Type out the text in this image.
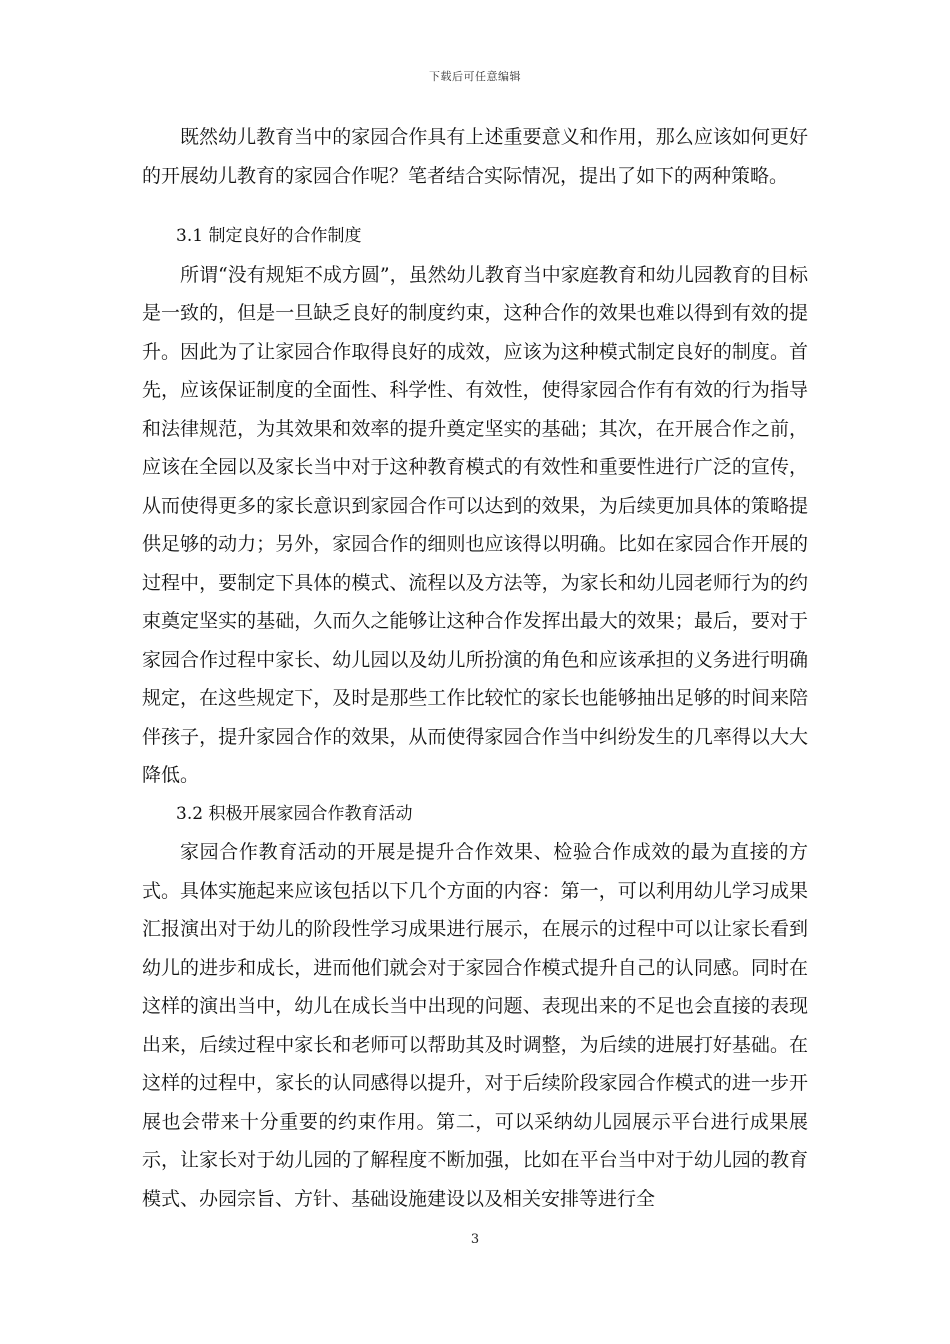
下载后可任意编辑

既然幼儿教育当中的家园合作具有上述重要意义和作用，那么应该如何更好的开展幼儿教育的家园合作呢？笔者结合实际情况，提出了如下的两种策略。

3.1 制定良好的合作制度

所谓“没有规矩不成方圆”，虽然幼儿教育当中家庭教育和幼儿园教育的目标是一致的，但是一旦缺乏良好的制度约束，这种合作的效果也难以得到有效的提升。因此为了让家园合作取得良好的成效，应该为这种模式制定良好的制度。首先，应该保证制度的全面性、科学性、有效性，使得家园合作有有效的行为指导和法律规范，为其效果和效率的提升奠定坚实的基础；其次，在开展合作之前，应该在全园以及家长当中对于这种教育模式的有效性和重要性进行广泛的宣传，从而使得更多的家长意识到家园合作可以达到的效果，为后续更加具体的策略提供足够的动力；另外，家园合作的细则也应该得以明确。比如在家园合作开展的过程中，要制定下具体的模式、流程以及方法等，为家长和幼儿园老师行为的约束奠定坚实的基础，久而久之能够让这种合作发挥出最大的效果；最后，要对于家园合作过程中家长、幼儿园以及幼儿所扮演的角色和应该承担的义务进行明确 规定，在这些规定下，及时是那些工作比较忙的家长也能够抽出足够的时间来陪伴孩子，提升家园合作的效果，从而使得家园合作当中纠纷发生的几率得以大大降低。

3.2 积极开展家园合作教育活动

家园合作教育活动的开展是提升合作效果、检验合作成效的最为直接的方式。具体实施起来应该包括以下几个方面的内容：第一，可以利用幼儿学习成果汇报演出对于幼儿的阶段性学习成果进行展示，在展示的过程中可以让家长看到幼儿的进步和成长，进而他们就会对于家园合作模式提升自己的认同感。同时在这样的演出当中，幼儿在成长当中出现的问题、表现出来的不足也会直接的表现出来，后续过程中家长和老师可以帮助其及时调整，为后续的进展打好基础。在这样的过程中，家长的认同感得以提升，对于后续阶段家园合作模式的进一步开展也会带来十分重要的约束作用。第二，可以采纳幼儿园展示平台进行成果展示，让家长对于幼儿园的了解程度不断加强，比如在平台当中对于幼儿园的教育模式、办园宗旨、方针、基础设施建设以及相关安排等进行全

3
